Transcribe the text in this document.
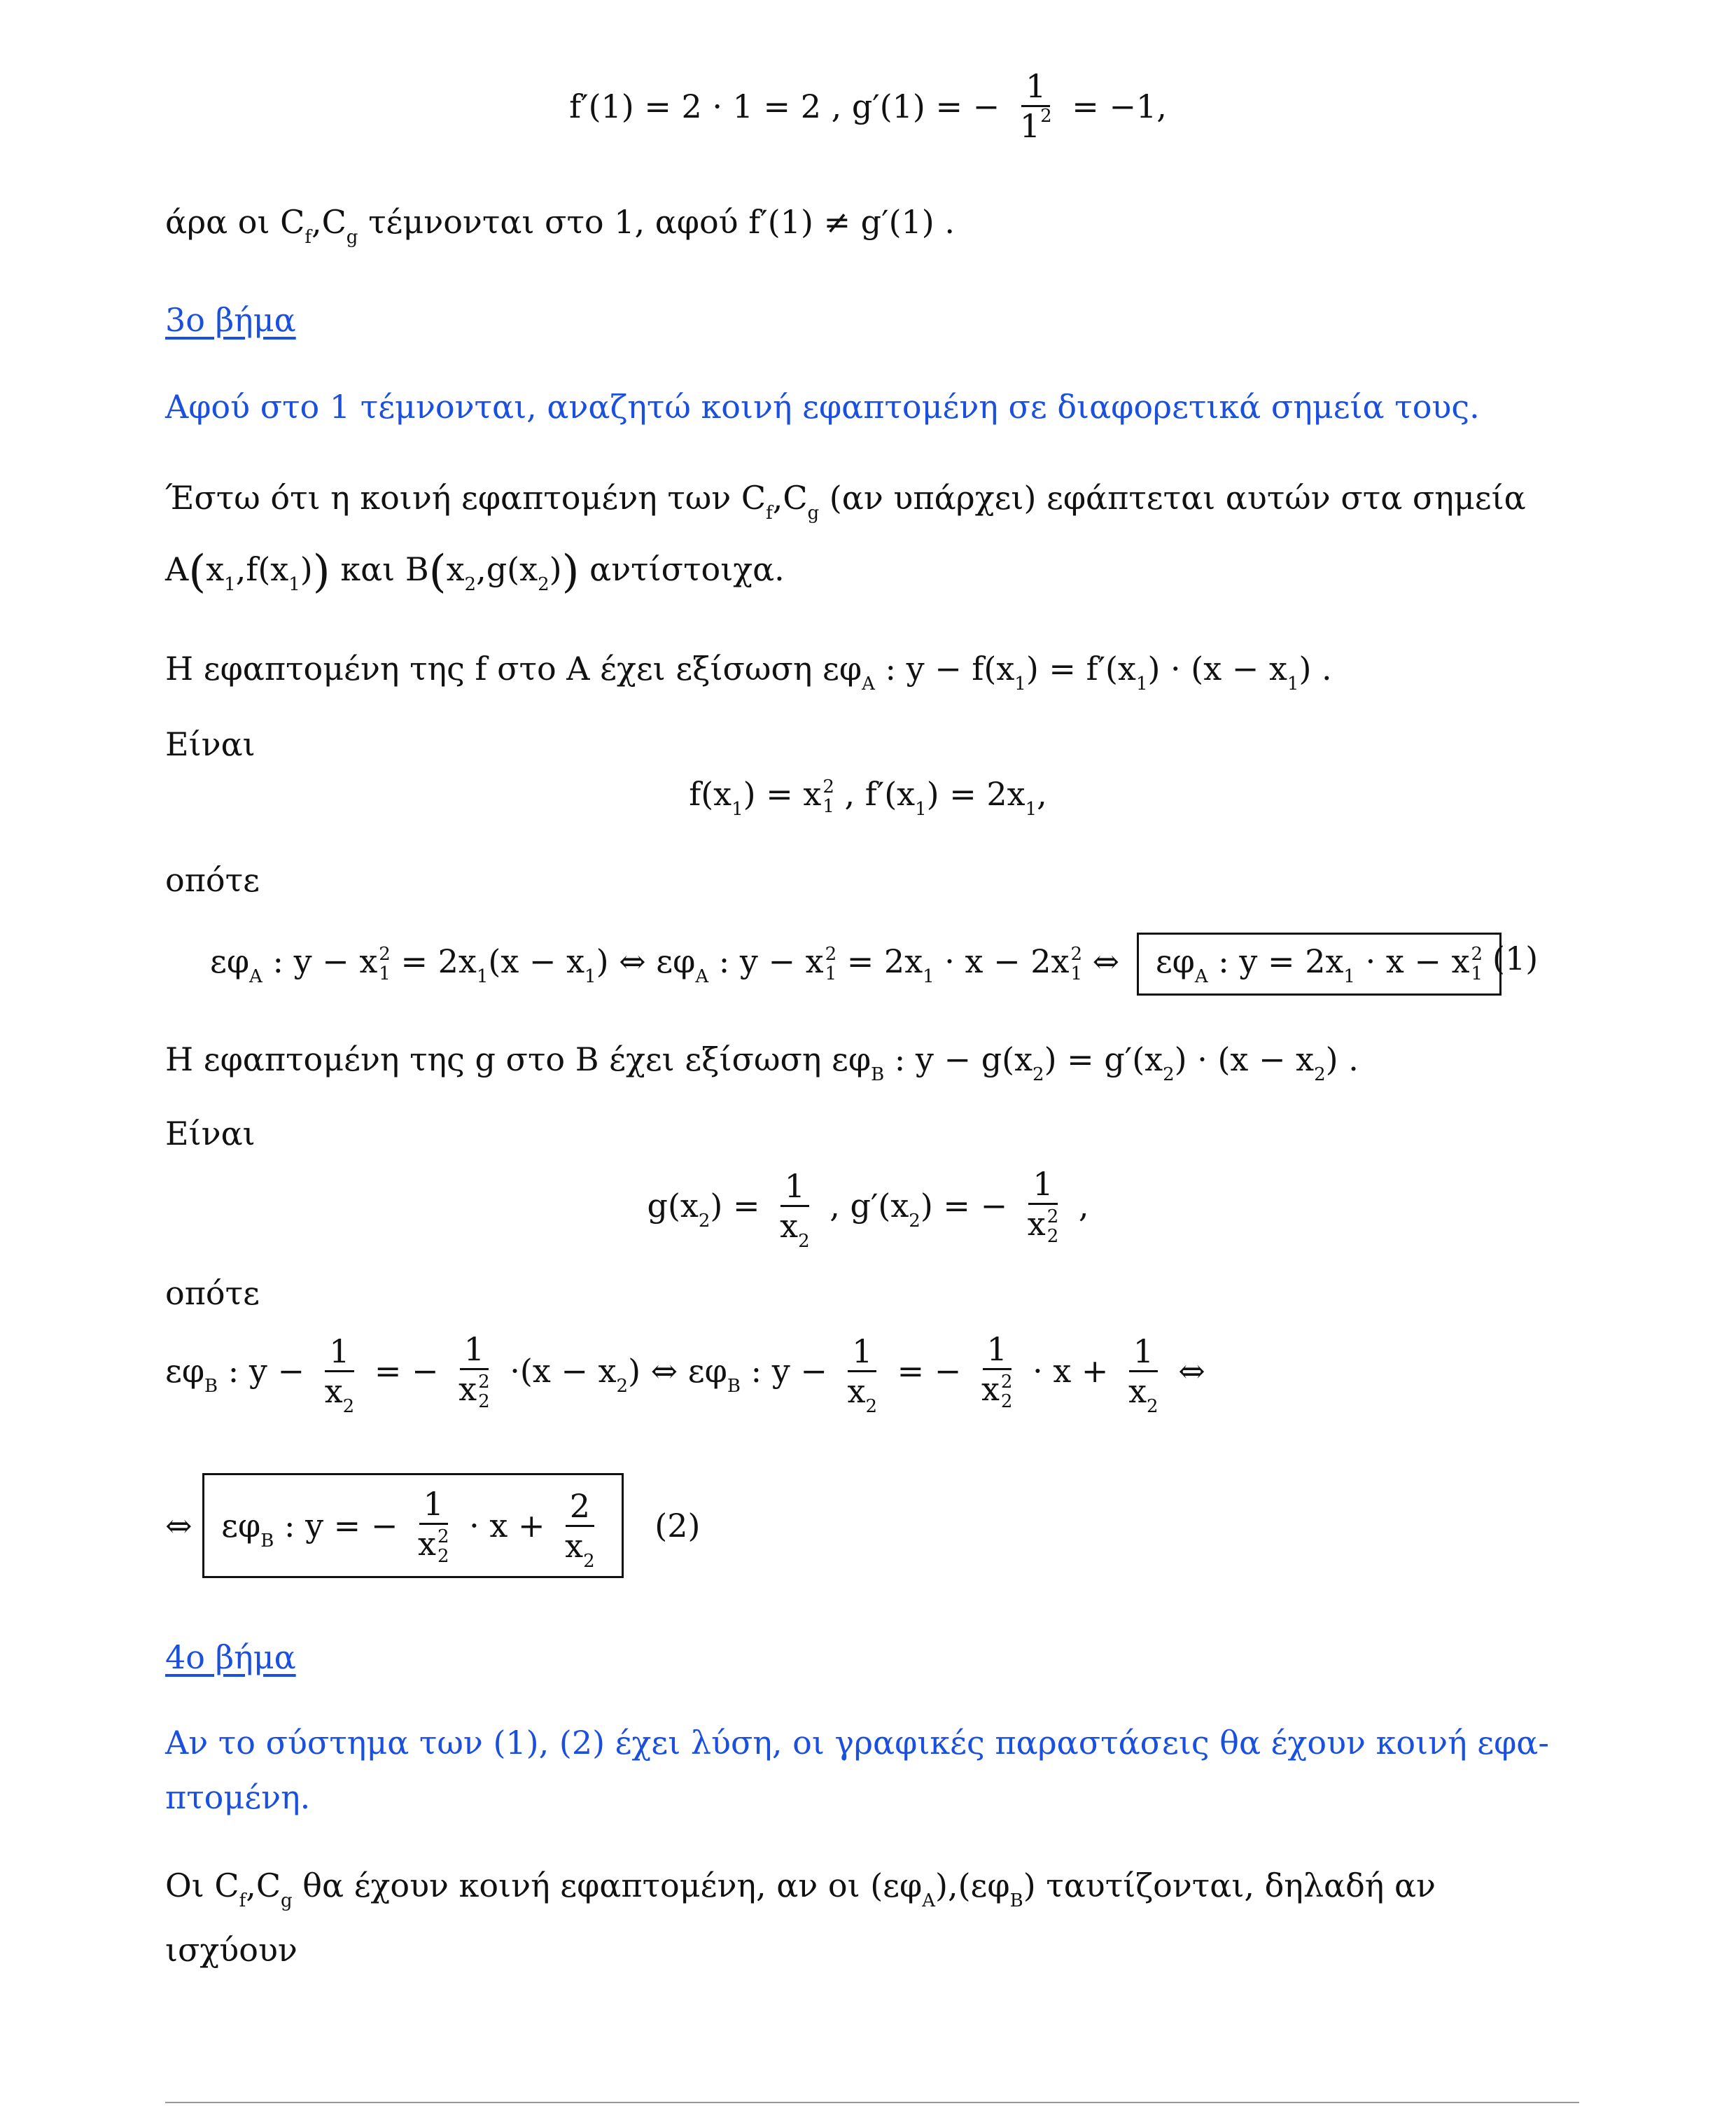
f′(1) = 2 · 1 = 2 , g′(1) = − $\frac{1}{1^2} = -1$,
άρα οι $C_f,C_g$ τέμνονται στο 1, αφού f′(1) ≠ g′(1) .
3ο βήμα
Αφού στο 1 τέμνονται, αναζητώ κοινή εφαπτομένη σε διαφορετικά σημεία τους.
Έστω ότι η κοινή εφαπτομένη των $C_f,C_g$ (αν υπάρχει) εφάπτεται αυτών στα σημεία
$A(x_1,f(x_1))$ και $B(x_2,g(x_2))$ αντίστοιχα.
Η εφαπτομένη της f στο A έχει εξίσωση $\varepsilon\varphi_A$ : $y - f(x_1) = f'(x_1) \cdot (x - x_1)$ .
Είναι
$f(x_1) = x$ 2
1 , $f'(x_1) = 2x_1$,
οπότε
$\varepsilon\varphi_A$ : y − x 2
$1 = 2x_1(x - x_1)$ ⇔ $\varepsilon\varphi_A$ : y − x 2
$1 = 2x_1 \cdot x - 2x$ 2
1 ⇔ $\varepsilon\varphi_A$ : $y = 2x_1 \cdot x - x$ 2
1 (1)
Η εφαπτομένη της g στο B έχει εξίσωση $\varepsilon\varphi_B$ : $y - g(x_2) = g'(x_2) \cdot (x - x_2)$ .
Είναι
$g(x_2) = \frac{1}{x_2}$ , $g'(x_2)$ = − 1
x 2
2 ,
οπότε
$\varepsilon\varphi_B$ : $y - \frac{1}{x_2}$ = − 1
x 2
$2 \cdot(x - x_2)$ ⇔ $\varepsilon\varphi_B$ : $y - \frac{1}{x_2}$ = − 1
x 2
$2 \cdot x + \frac{1}{x_2}$ ⇔
⇔ $\varepsilon\varphi_B$ : y = − 1
x 2
$2 \cdot x + \frac{2}{x_2} (2)$
4ο βήμα
Αν το σύστημα των (1), (2) έχει λύση, οι γραφικές παραστάσεις θα έχουν κοινή εφα-
πτομένη.
Οι $C_f,C_g$ θα έχουν κοινή εφαπτομένη, αν οι $(\varepsilon\varphi_A),(\varepsilon\varphi_B)$ ταυτίζονται, δηλαδή αν
ισχύουν
